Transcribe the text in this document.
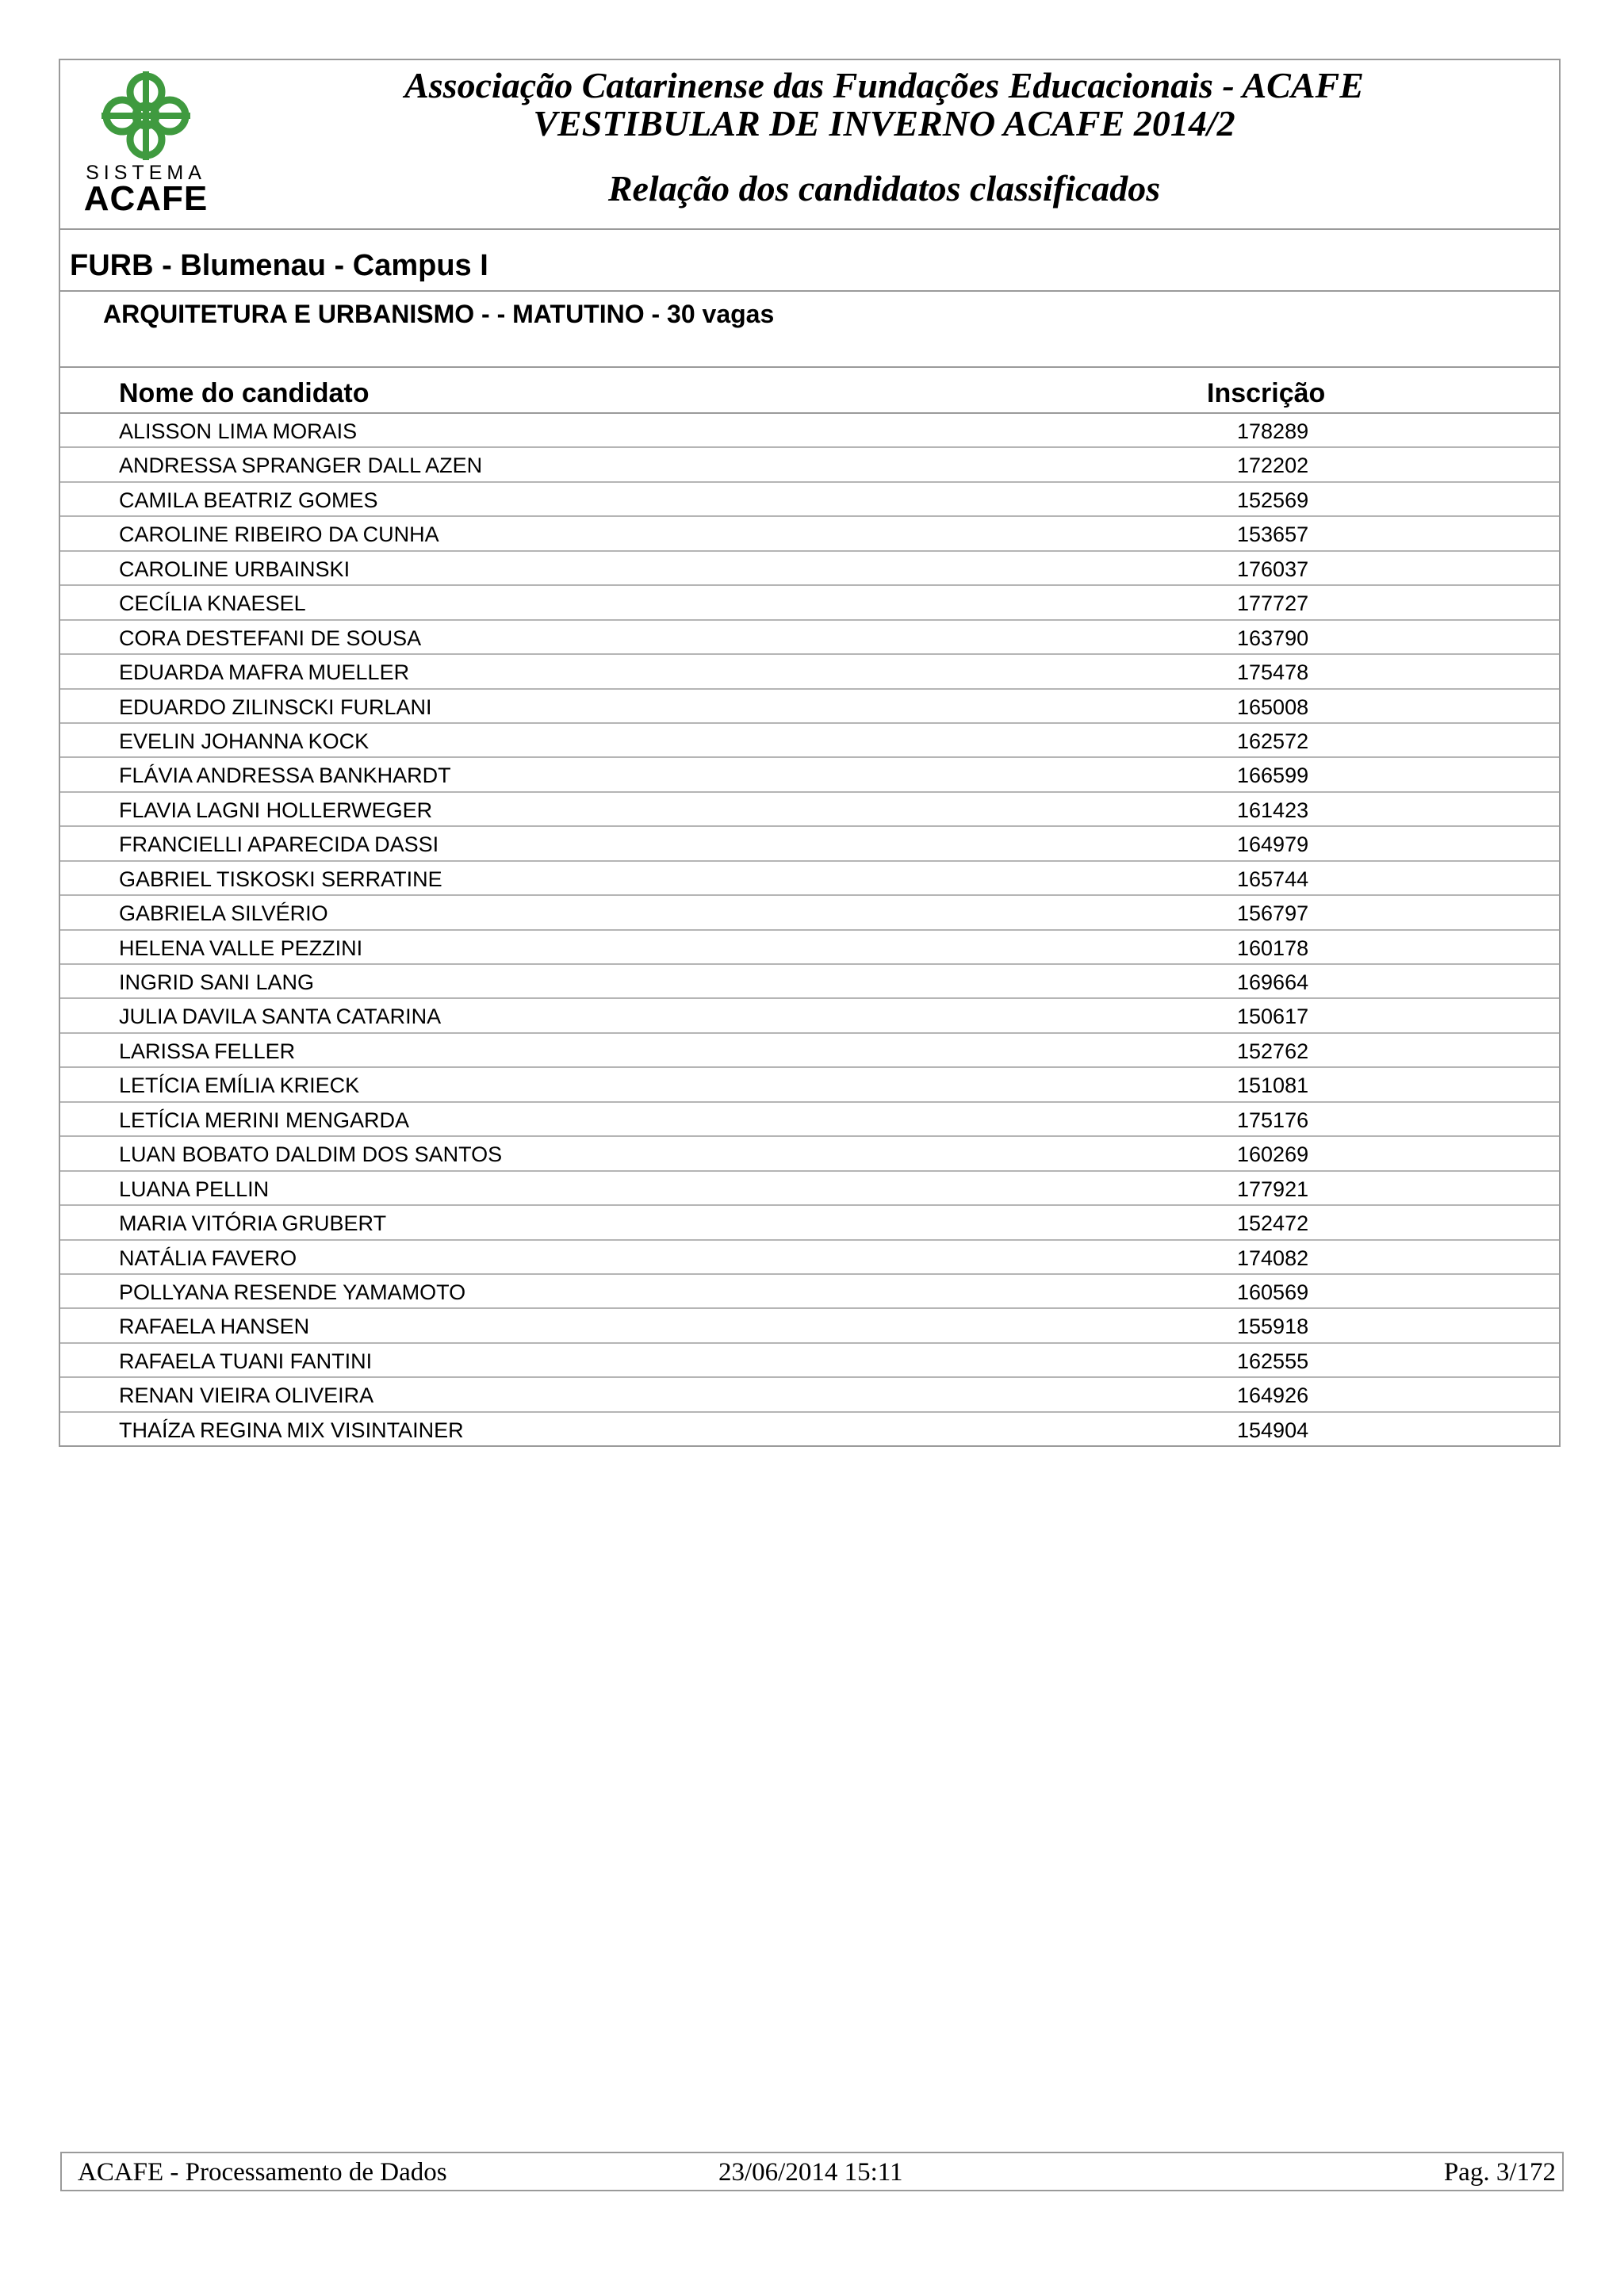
SISTEMA
ACAFE
Associação Catarinense das Fundações Educacionais - ACAFE
VESTIBULAR DE INVERNO ACAFE 2014/2
Relação dos candidatos classificados
FURB - Blumenau - Campus I
ARQUITETURA E URBANISMO - - MATUTINO - 30 vagas
Nome do candidato	Inscrição
ALISSON LIMA MORAIS	178289
ANDRESSA SPRANGER DALL AZEN	172202
CAMILA BEATRIZ GOMES	152569
CAROLINE RIBEIRO DA CUNHA	153657
CAROLINE URBAINSKI	176037
CECÍLIA KNAESEL	177727
CORA DESTEFANI DE SOUSA	163790
EDUARDA MAFRA MUELLER	175478
EDUARDO ZILINSCKI FURLANI	165008
EVELIN JOHANNA KOCK	162572
FLÁVIA ANDRESSA BANKHARDT	166599
FLAVIA LAGNI HOLLERWEGER	161423
FRANCIELLI APARECIDA DASSI	164979
GABRIEL TISKOSKI SERRATINE	165744
GABRIELA SILVÉRIO	156797
HELENA VALLE PEZZINI	160178
INGRID SANI LANG	169664
JULIA DAVILA SANTA CATARINA	150617
LARISSA FELLER	152762
LETÍCIA EMÍLIA KRIECK	151081
LETÍCIA MERINI MENGARDA	175176
LUAN BOBATO DALDIM DOS SANTOS	160269
LUANA PELLIN	177921
MARIA VITÓRIA GRUBERT	152472
NATÁLIA FAVERO	174082
POLLYANA RESENDE YAMAMOTO	160569
RAFAELA HANSEN	155918
RAFAELA TUANI FANTINI	162555
RENAN VIEIRA OLIVEIRA	164926
THAÍZA REGINA MIX VISINTAINER	154904
ACAFE - Processamento de Dados	23/06/2014 15:11	Pag. 3/172
